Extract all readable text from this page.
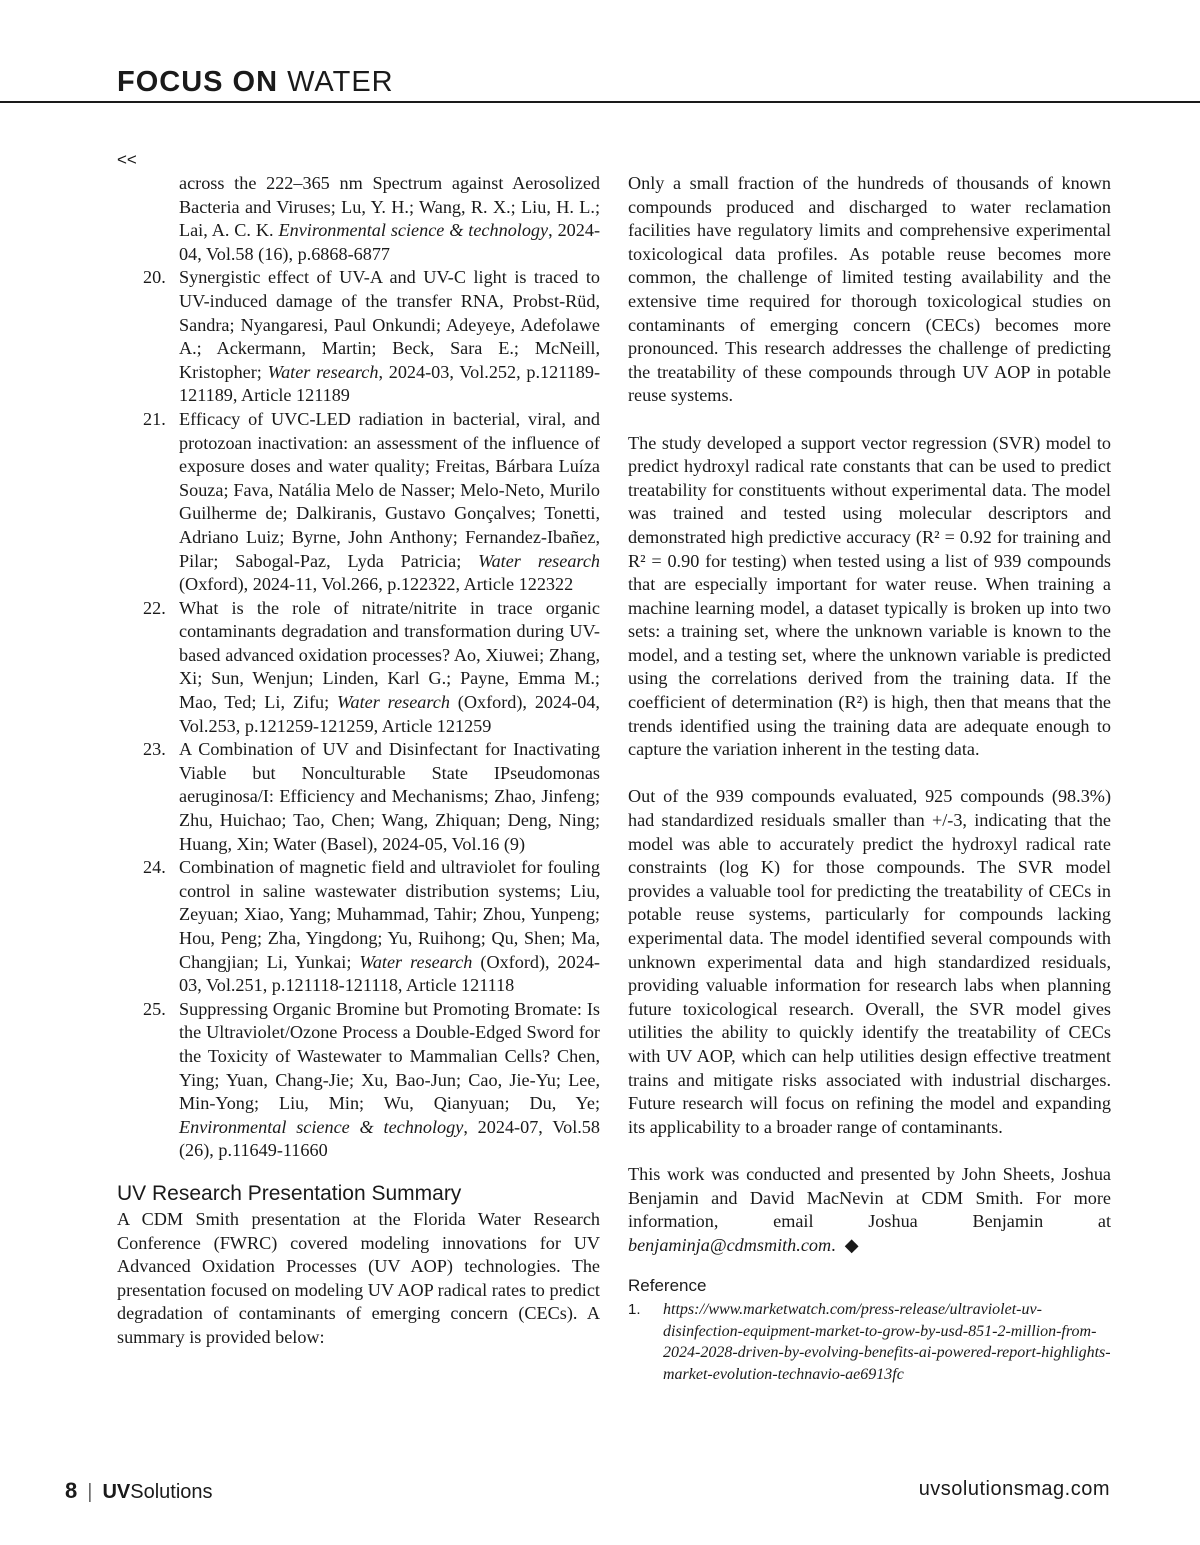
FOCUS ON WATER
<<
across the 222–365 nm Spectrum against Aerosolized Bacteria and Viruses; Lu, Y. H.; Wang, R. X.; Liu, H. L.; Lai, A. C. K. Environmental science & technology, 2024-04, Vol.58 (16), p.6868-6877
20. Synergistic effect of UV-A and UV-C light is traced to UV-induced damage of the transfer RNA, Probst-Rüd, Sandra; Nyangaresi, Paul Onkundi; Adeyeye, Adefolawe A.; Ackermann, Martin; Beck, Sara E.; McNeill, Kristopher; Water research, 2024-03, Vol.252, p.121189-121189, Article 121189
21. Efficacy of UVC-LED radiation in bacterial, viral, and protozoan inactivation: an assessment of the influence of exposure doses and water quality; Freitas, Bárbara Luíza Souza; Fava, Natália Melo de Nasser; Melo-Neto, Murilo Guilherme de; Dalkiranis, Gustavo Gonçalves; Tonetti, Adriano Luiz; Byrne, John Anthony; Fernandez-Ibañez, Pilar; Sabogal-Paz, Lyda Patricia; Water research (Oxford), 2024-11, Vol.266, p.122322, Article 122322
22. What is the role of nitrate/nitrite in trace organic contaminants degradation and transformation during UV-based advanced oxidation processes? Ao, Xiuwei; Zhang, Xi; Sun, Wenjun; Linden, Karl G.; Payne, Emma M.; Mao, Ted; Li, Zifu; Water research (Oxford), 2024-04, Vol.253, p.121259-121259, Article 121259
23. A Combination of UV and Disinfectant for Inactivating Viable but Nonculturable State IPseudomonas aeruginosa/I: Efficiency and Mechanisms; Zhao, Jinfeng; Zhu, Huichao; Tao, Chen; Wang, Zhiquan; Deng, Ning; Huang, Xin; Water (Basel), 2024-05, Vol.16 (9)
24. Combination of magnetic field and ultraviolet for fouling control in saline wastewater distribution systems; Liu, Zeyuan; Xiao, Yang; Muhammad, Tahir; Zhou, Yunpeng; Hou, Peng; Zha, Yingdong; Yu, Ruihong; Qu, Shen; Ma, Changjian; Li, Yunkai; Water research (Oxford), 2024-03, Vol.251, p.121118-121118, Article 121118
25. Suppressing Organic Bromine but Promoting Bromate: Is the Ultraviolet/Ozone Process a Double-Edged Sword for the Toxicity of Wastewater to Mammalian Cells? Chen, Ying; Yuan, Chang-Jie; Xu, Bao-Jun; Cao, Jie-Yu; Lee, Min-Yong; Liu, Min; Wu, Qianyuan; Du, Ye; Environmental science & technology, 2024-07, Vol.58 (26), p.11649-11660
UV Research Presentation Summary

A CDM Smith presentation at the Florida Water Research Conference (FWRC) covered modeling innovations for UV Advanced Oxidation Processes (UV AOP) technologies. The presentation focused on modeling UV AOP radical rates to predict degradation of contaminants of emerging concern (CECs). A summary is provided below:

Only a small fraction of the hundreds of thousands of known compounds produced and discharged to water reclamation facilities have regulatory limits and comprehensive experimental toxicological data profiles. As potable reuse becomes more common, the challenge of limited testing availability and the extensive time required for thorough toxicological studies on contaminants of emerging concern (CECs) becomes more pronounced. This research addresses the challenge of predicting the treatability of these compounds through UV AOP in potable reuse systems.

The study developed a support vector regression (SVR) model to predict hydroxyl radical rate constants that can be used to predict treatability for constituents without experimental data. The model was trained and tested using molecular descriptors and demonstrated high predictive accuracy (R² = 0.92 for training and R² = 0.90 for testing) when tested using a list of 939 compounds that are especially important for water reuse. When training a machine learning model, a dataset typically is broken up into two sets: a training set, where the unknown variable is known to the model, and a testing set, where the unknown variable is predicted using the correlations derived from the training data. If the coefficient of determination (R²) is high, then that means that the trends identified using the training data are adequate enough to capture the variation inherent in the testing data.

Out of the 939 compounds evaluated, 925 compounds (98.3%) had standardized residuals smaller than +/-3, indicating that the model was able to accurately predict the hydroxyl radical rate constraints (log K) for those compounds. The SVR model provides a valuable tool for predicting the treatability of CECs in potable reuse systems, particularly for compounds lacking experimental data. The model identified several compounds with unknown experimental data and high standardized residuals, providing valuable information for research labs when planning future toxicological research. Overall, the SVR model gives utilities the ability to quickly identify the treatability of CECs with UV AOP, which can help utilities design effective treatment trains and mitigate risks associated with industrial discharges. Future research will focus on refining the model and expanding its applicability to a broader range of contaminants.

This work was conducted and presented by John Sheets, Joshua Benjamin and David MacNevin at CDM Smith. For more information, email Joshua Benjamin at benjaminja@cdmsmith.com. ◆

Reference
1. https://www.marketwatch.com/press-release/ultraviolet-uv-disinfection-equipment-market-to-grow-by-usd-851-2-million-from-2024-2028-driven-by-evolving-benefits-ai-powered-report-highlights-market-evolution-technavio-ae6913fc
8 | UVSolutions	uvsolutionsmag.com
